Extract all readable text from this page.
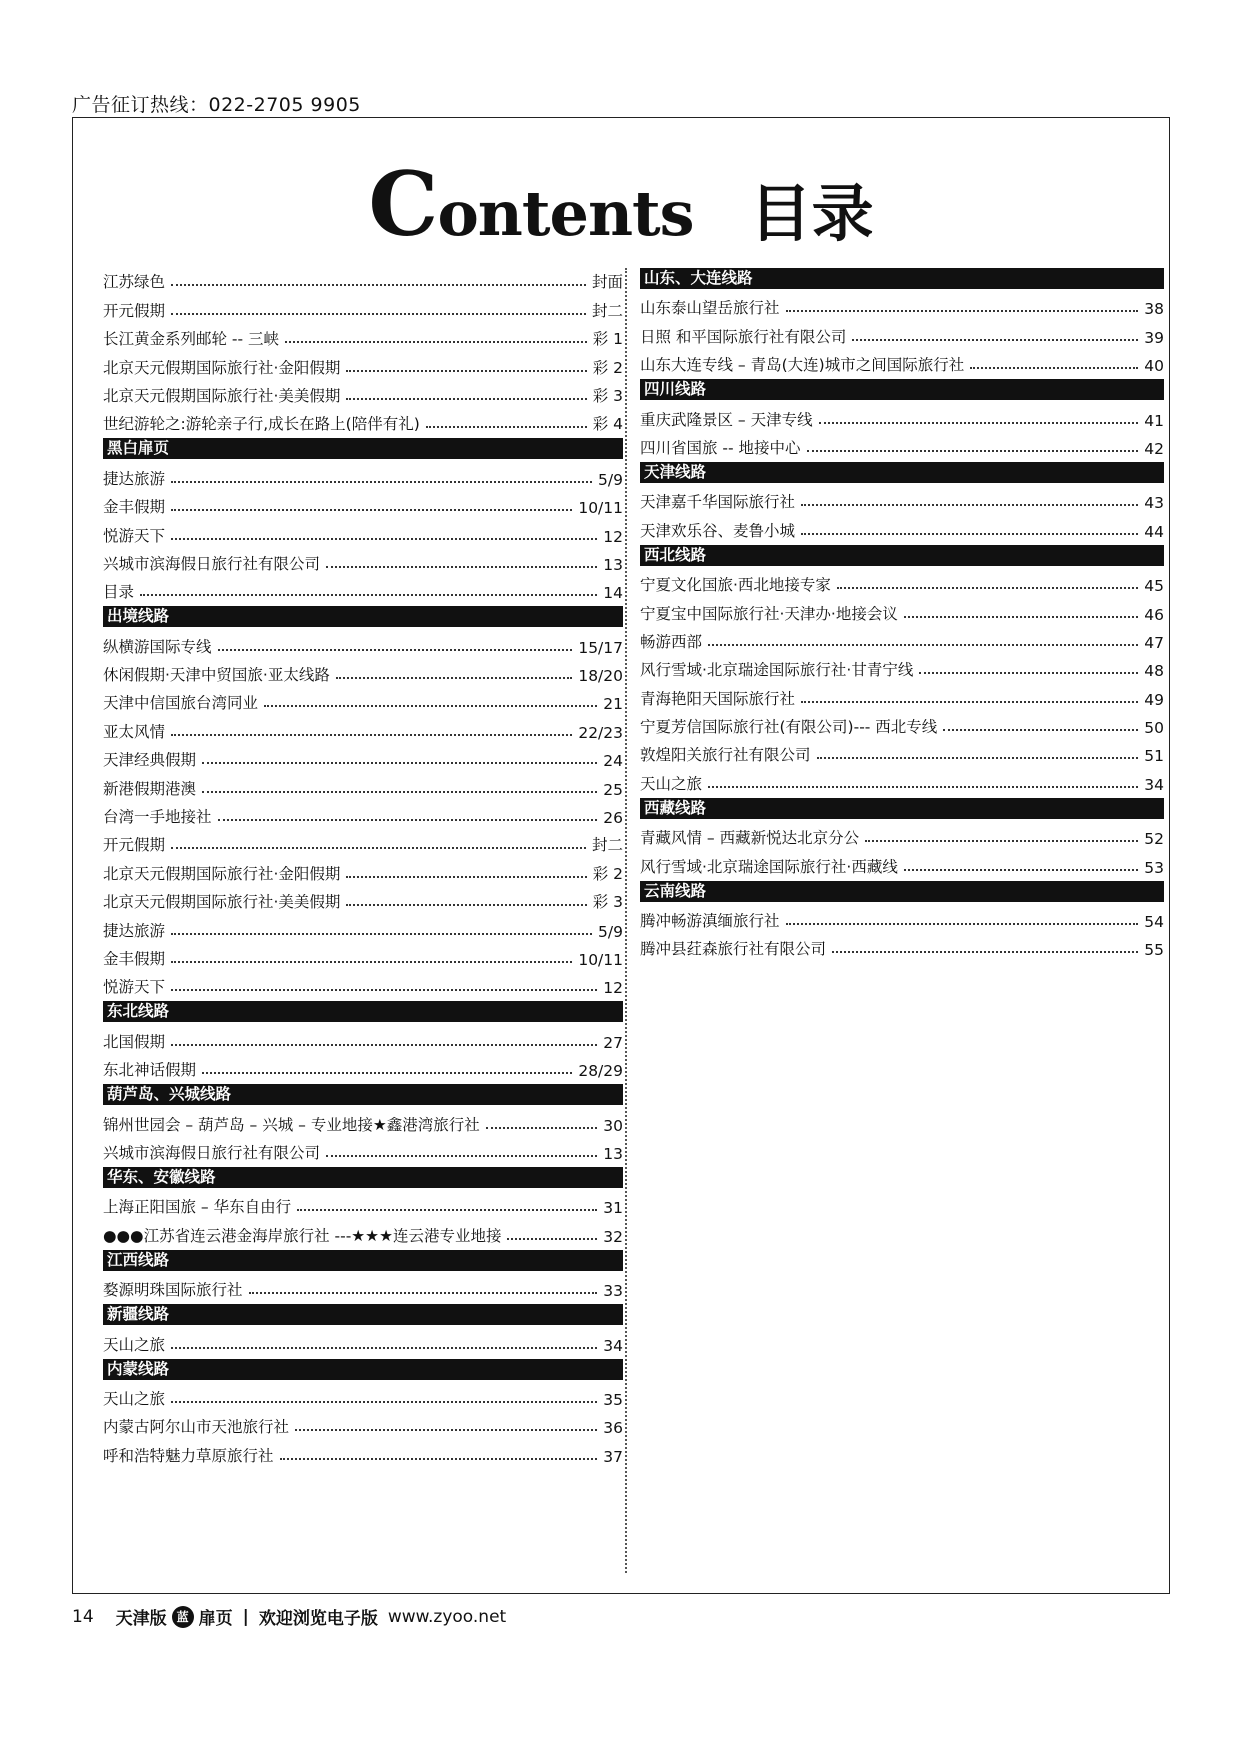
广告征订热线：022-2705 9905
Contents 目录
江苏绿色	封面
开元假期	封二
长江黄金系列邮轮 -- 三峡	彩 1
北京天元假期国际旅行社·金阳假期	彩 2
北京天元假期国际旅行社·美美假期	彩 3
世纪游轮之:游轮亲子行,成长在路上(陪伴有礼)	彩 4
黑白扉页
捷达旅游	5/9
金丰假期	10/11
悦游天下	12
兴城市滨海假日旅行社有限公司	13
目录	14
出境线路
纵横游国际专线	15/17
休闲假期·天津中贸国旅·亚太线路	18/20
天津中信国旅台湾同业	21
亚太风情	22/23
天津经典假期	24
新港假期港澳	25
台湾一手地接社	26
开元假期	封二
北京天元假期国际旅行社·金阳假期	彩 2
北京天元假期国际旅行社·美美假期	彩 3
捷达旅游	5/9
金丰假期	10/11
悦游天下	12
东北线路
北国假期	27
东北神话假期	28/29
葫芦岛、兴城线路
锦州世园会 – 葫芦岛 – 兴城 – 专业地接★鑫港湾旅行社	30
兴城市滨海假日旅行社有限公司	13
华东、安徽线路
上海正阳国旅 – 华东自由行	31
●●●江苏省连云港金海岸旅行社 ---★★★连云港专业地接	32
江西线路
婺源明珠国际旅行社	33
新疆线路
天山之旅	34
内蒙线路
天山之旅	35
内蒙古阿尔山市天池旅行社	36
呼和浩特魅力草原旅行社	37
山东、大连线路
山东泰山望岳旅行社	38
日照 和平国际旅行社有限公司	39
山东大连专线 – 青岛(大连)城市之间国际旅行社	40
四川线路
重庆武隆景区 – 天津专线	41
四川省国旅 -- 地接中心	42
天津线路
天津嘉千华国际旅行社	43
天津欢乐谷、麦鲁小城	44
西北线路
宁夏文化国旅·西北地接专家	45
宁夏宝中国际旅行社·天津办·地接会议	46
畅游西部	47
风行雪域·北京瑞途国际旅行社·甘青宁线	48
青海艳阳天国际旅行社	49
宁夏芳信国际旅行社(有限公司)--- 西北专线	50
敦煌阳关旅行社有限公司	51
天山之旅	34
西藏线路
青藏风情 – 西藏新悦达北京分公	52
风行雪域·北京瑞途国际旅行社·西藏线	53
云南线路
腾冲畅游滇缅旅行社	54
腾冲县荭森旅行社有限公司	55
14 天津版 蓝 扉页 | 欢迎浏览电子版 www.zyoo.net
